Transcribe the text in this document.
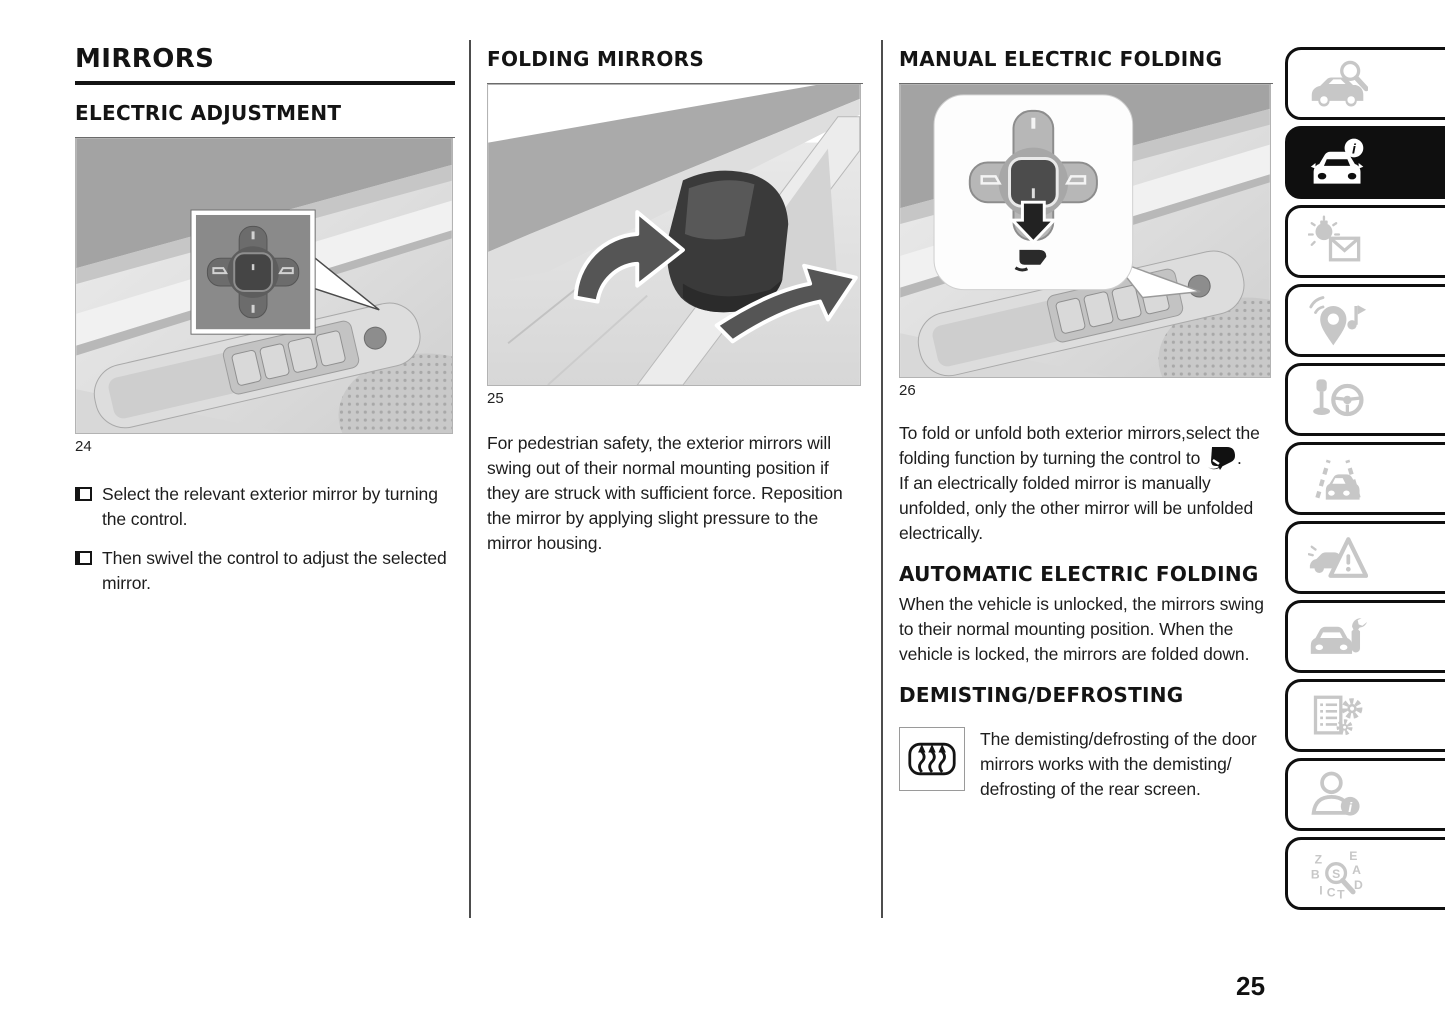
MIRRORS
ELECTRIC ADJUSTMENT
24
Select the relevant exterior mirror by turning the control.
Then swivel the control to adjust the selected mirror.
FOLDING MIRRORS
25

For pedestrian safety, the exterior mirrors will swing out of their normal mounting position if they are struck with sufficient force. Reposition the mirror by applying slight pressure to the mirror housing.

MANUAL ELECTRIC FOLDING
26

To fold or unfold both exterior mirrors,select the folding function by turning the control to .

If an electrically folded mirror is manually unfolded, only the other mirror will be unfolded electrically.

AUTOMATIC ELECTRIC FOLDING

When the vehicle is unlocked, the mirrors swing to their normal mounting position. When the vehicle is locked, the mirrors are folded down.

DEMISTING/DEFROSTING

The demisting/defrosting of the door mirrors works with the demisting/ defrosting of the rear screen.

i
i
Z E
B A
D
I C T
S
25
